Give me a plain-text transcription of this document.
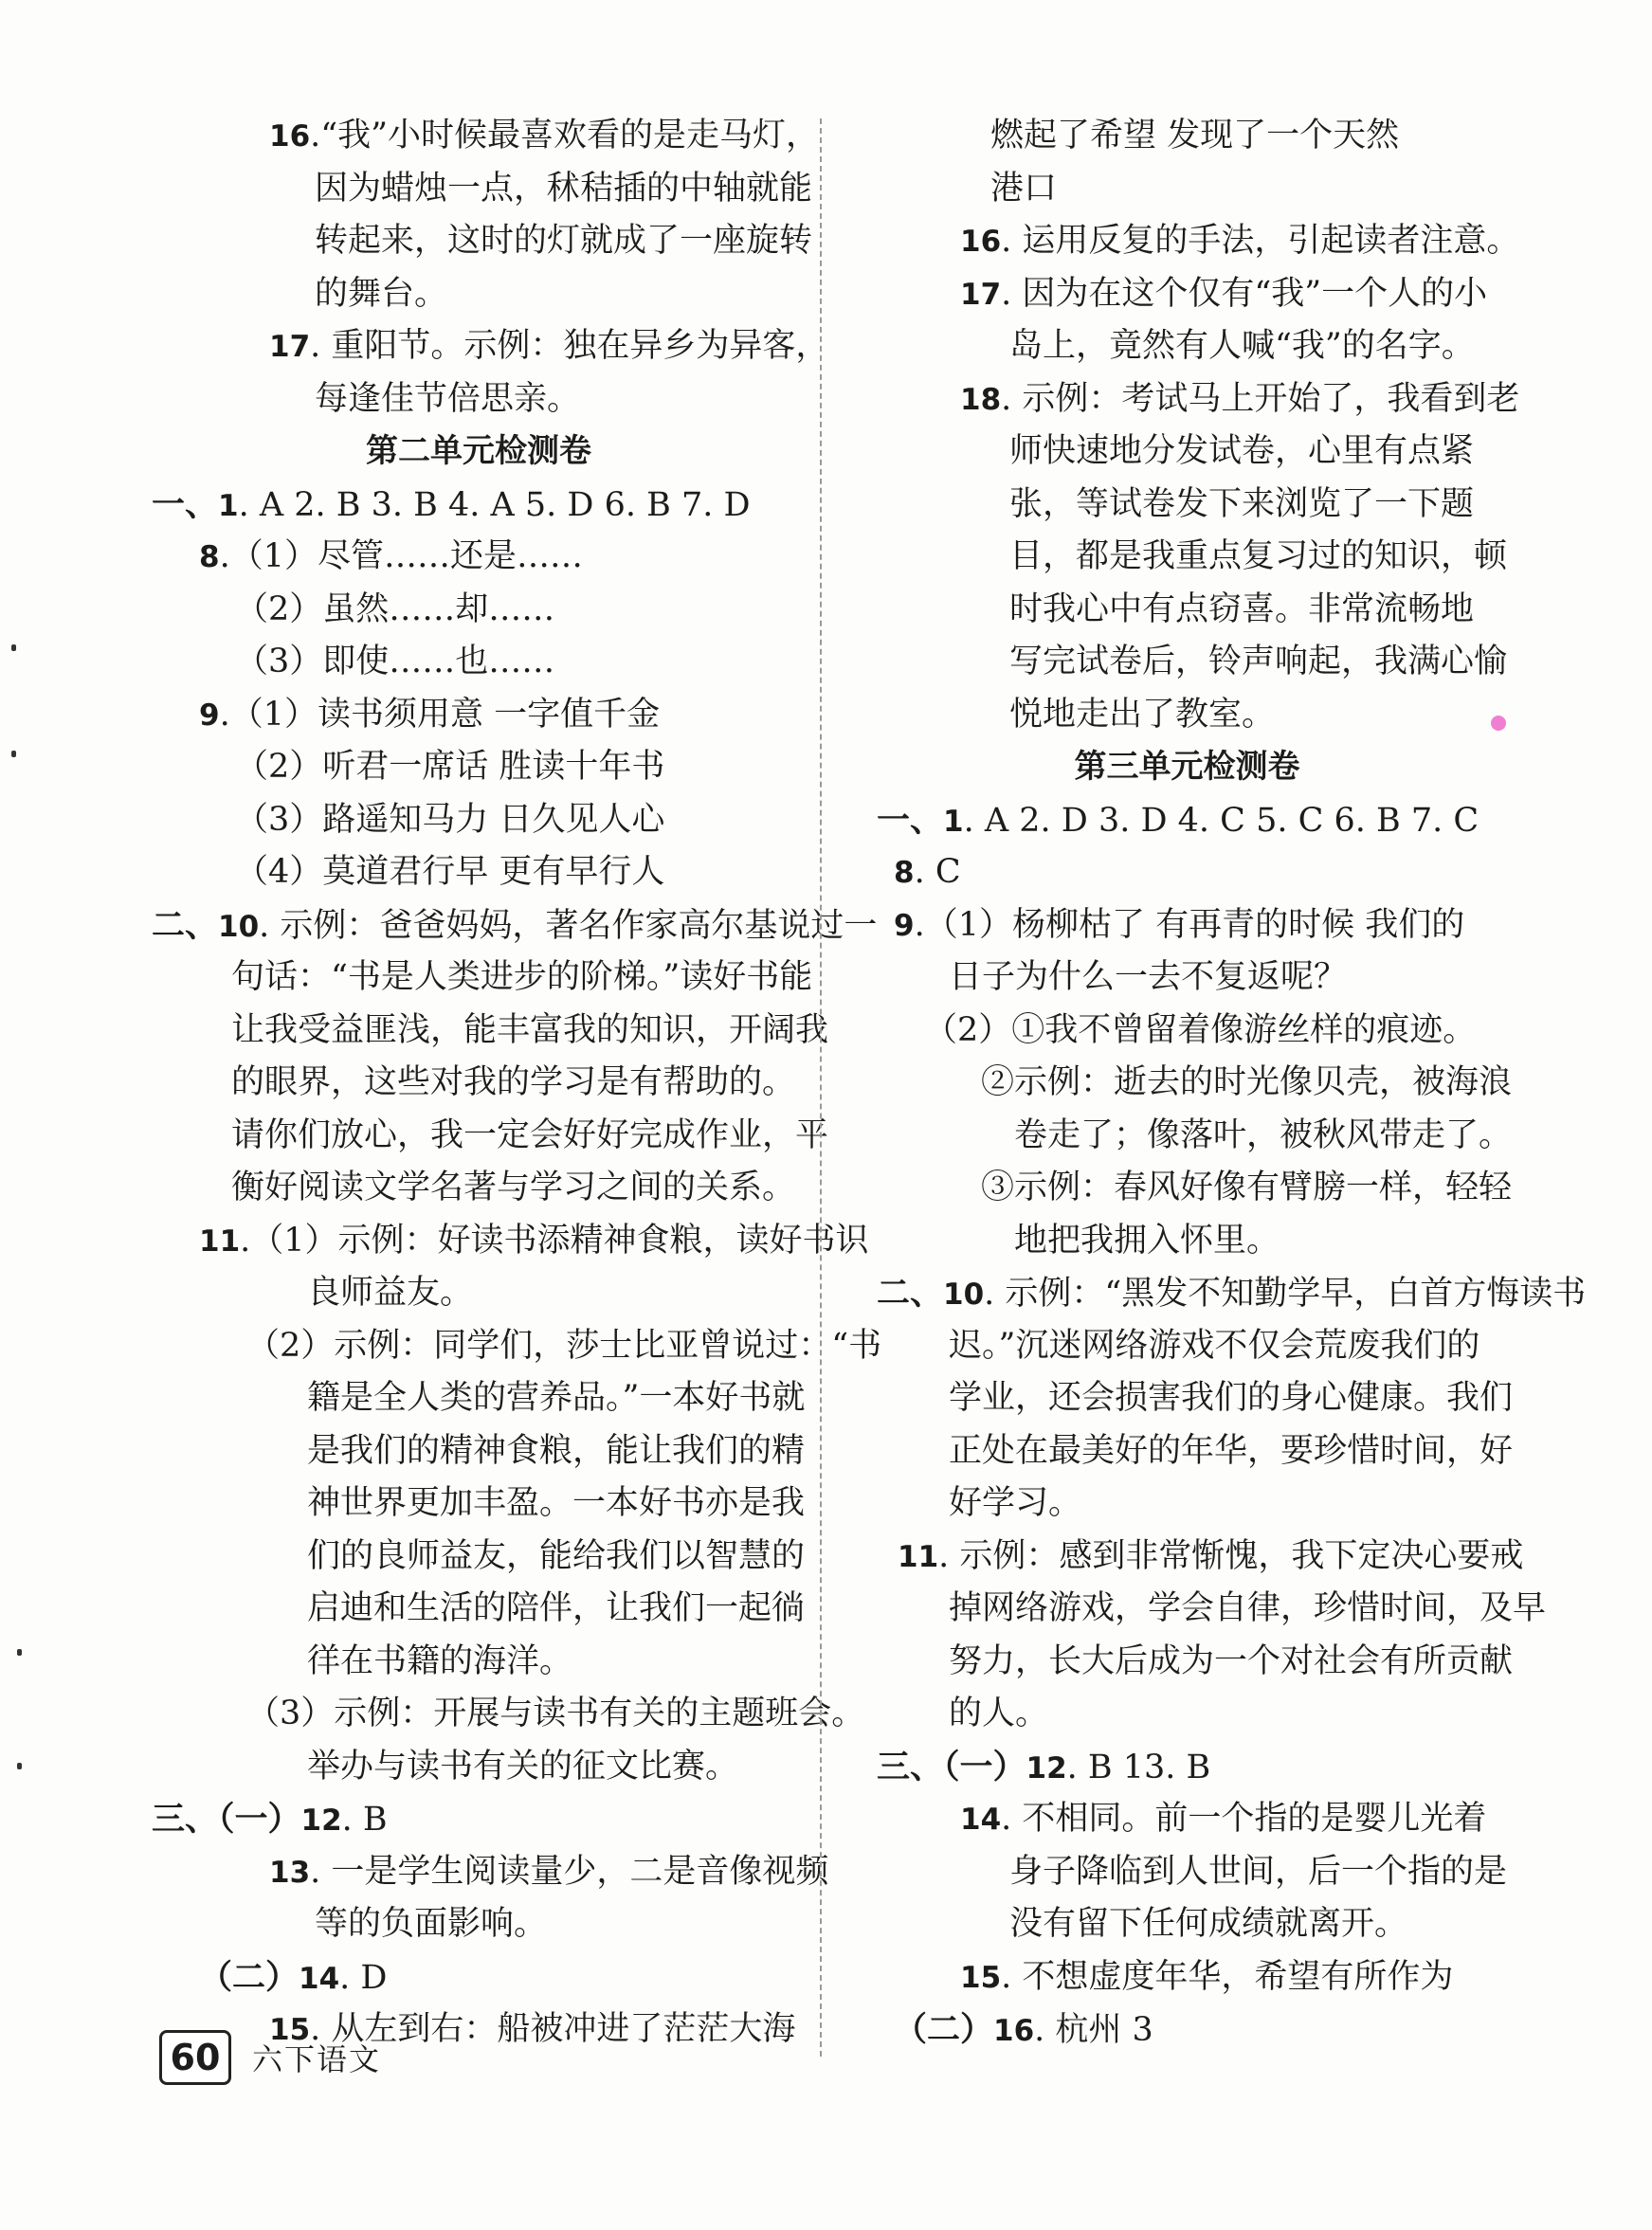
16.“我”小时候最喜欢看的是走马灯，
因为蜡烛一点，秫秸插的中轴就能
转起来，这时的灯就成了一座旋转
的舞台。
17. 重阳节。示例：独在异乡为异客，
每逢佳节倍思亲。
第二单元检测卷
一、1. A 2. B 3. B 4. A 5. D 6. B 7. D
8.（1）尽管……还是……
（2）虽然……却……
（3）即使……也……
9.（1）读书须用意 一字值千金
（2）听君一席话 胜读十年书
（3）路遥知马力 日久见人心
（4）莫道君行早 更有早行人
二、10. 示例：爸爸妈妈，著名作家高尔基说过一
句话：“书是人类进步的阶梯。”读好书能
让我受益匪浅，能丰富我的知识，开阔我
的眼界，这些对我的学习是有帮助的。
请你们放心，我一定会好好完成作业，平
衡好阅读文学名著与学习之间的关系。
11.（1）示例：好读书添精神食粮，读好书识
良师益友。
（2）示例：同学们，莎士比亚曾说过：“书
籍是全人类的营养品。”一本好书就
是我们的精神食粮，能让我们的精
神世界更加丰盈。一本好书亦是我
们的良师益友，能给我们以智慧的
启迪和生活的陪伴，让我们一起徜
徉在书籍的海洋。
（3）示例：开展与读书有关的主题班会。
举办与读书有关的征文比赛。
三、（一）12. B
13. 一是学生阅读量少，二是音像视频
等的负面影响。
（二）14. D
15. 从左到右：船被冲进了茫茫大海
燃起了希望 发现了一个天然
港口
16. 运用反复的手法，引起读者注意。
17. 因为在这个仅有“我”一个人的小
岛上，竟然有人喊“我”的名字。
18. 示例：考试马上开始了，我看到老
师快速地分发试卷，心里有点紧
张，等试卷发下来浏览了一下题
目，都是我重点复习过的知识，顿
时我心中有点窃喜。非常流畅地
写完试卷后，铃声响起，我满心愉
悦地走出了教室。
第三单元检测卷
一、1. A 2. D 3. D 4. C 5. C 6. B 7. C
8. C
9.（1）杨柳枯了 有再青的时候 我们的
日子为什么一去不复返呢？
（2）①我不曾留着像游丝样的痕迹。
②示例：逝去的时光像贝壳，被海浪
卷走了；像落叶，被秋风带走了。
③示例：春风好像有臂膀一样，轻轻
地把我拥入怀里。
二、10. 示例：“黑发不知勤学早，白首方悔读书
迟。”沉迷网络游戏不仅会荒废我们的
学业，还会损害我们的身心健康。我们
正处在最美好的年华，要珍惜时间，好
好学习。
11. 示例：感到非常惭愧，我下定决心要戒
掉网络游戏，学会自律，珍惜时间，及早
努力，长大后成为一个对社会有所贡献
的人。
三、（一）12. B 13. B
14. 不相同。前一个指的是婴儿光着
身子降临到人世间，后一个指的是
没有留下任何成绩就离开。
15. 不想虚度年华，希望有所作为
（二）16. 杭州 3
60	六下语文
